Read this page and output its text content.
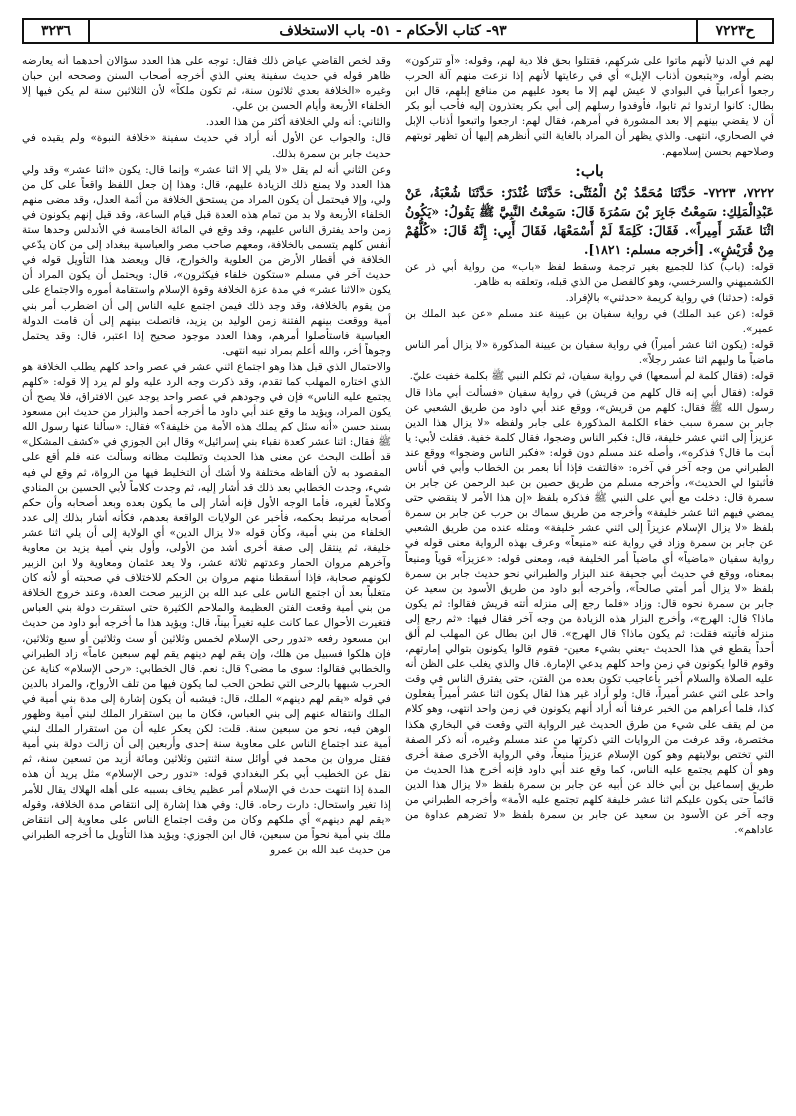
٣٢٣٦	٩٣- كتاب الأحكام - ٥١- باب الاستخلاف	ح٧٢٢٣

لهم في الدنيا لأنهم ماتوا على شركهم، فقتلوا بحق فلا دية لهم، وقوله: «أو تتركون» بضم أوله، و«يتبعون أذناب الإبل» أي في رعايتها لأنهم إذا نزعت منهم آلة الحرب رجعوا أعرابياً في البوادي لا عيش لهم إلا ما يعود عليهم من منافع إبلهم، قال ابن بطال: كانوا ارتدوا ثم تابوا، فأوفدوا رسلهم إلى أبي بكر يعتذرون إليه فأحب أبو بكر أن لا يقضي بينهم إلا بعد المشورة في أمرهم، فقال لهم: ارجعوا واتبعوا أذناب الإبل في الصحاري، انتهى. والذي يظهر أن المراد بالغاية التي أنظرهم إليها أن تظهر توبتهم وصلاحهم بحسن إسلامهم.

باب:

٧٢٢٢، ٧٢٢٣- حَدَّثَنَا مُحَمَّدُ بْنُ الْمُثَنَّى: حَدَّثَنَا غُنْدَرٌ: حَدَّثَنَا شُعْبَةُ، عَنْ عَبْدِالْمَلِكِ: سَمِعْتُ جَابِرَ بْنَ سَمُرَةَ قَالَ: سَمِعْتُ النَّبِيَّ ﷺ يَقُولُ: «يَكُونُ اثْنَا عَشَرَ أَمِيراً». فَقَالَ: كَلِمَةً لَمْ أَسْمَعْهَا، فَقَالَ أَبِي: إِنَّهُ قَالَ: «كُلُّهُمْ مِنْ قُرَيْشٍ». [أخرجه مسلم: ١٨٢١].

قوله: (باب) كذا للجميع بغير ترجمة وسقط لفظ «باب» من رواية أبي ذر عن الكشميهني والسرخسي، وهو كالفصل من الذي قبله، وتعلقه به ظاهر.

قوله: (حدثنا) في رواية كريمة «حدثني» بالإفراد.

قوله: (عن عبد الملك) في رواية سفيان بن عيينة عند مسلم «عن عبد الملك بن عمير».

قوله: (يكون اثنا عشر أميراً) في رواية سفيان بن عيينة المذكورة «لا يزال أمر الناس ماضياً ما وليهم اثنا عشر رجلاً».

قوله: (فقال كلمة لم أسمعها) في رواية سفيان، ثم تكلم النبي ﷺ بكلمة خفيت عليّ.

قوله: (فقال أبي إنه قال كلهم من قريش) في رواية سفيان «فسألت أبي ماذا قال رسول الله ﷺ فقال: كلهم من قريش»، ووقع عند أبي داود من طريق الشعبي عن جابر بن سمرة سبب خفاء الكلمة المذكورة على جابر ولفظه «لا يزال هذا الدين عزيزاً إلى اثني عشر خليفة، قال: فكبر الناس وضجوا، فقال كلمة خفية. فقلت لأبي: يا أبت ما قال؟ فذكره»، وأصله عند مسلم دون قوله: «فكبر الناس وضجوا» ووقع عند الطبراني من وجه آخر في آخره: «فالتفت فإذا أنا بعمر بن الخطاب وأبي في أناس فأثبتوا لي الحديث»، وأخرجه مسلم من طريق حصين بن عبد الرحمن عن جابر بن سمرة قال: دخلت مع أبي على النبي ﷺ فذكره بلفظ «إن هذا الأمر لا ينقضي حتى يمضي فيهم اثنا عشر خليفة» وأخرجه من طريق سماك بن حرب عن جابر بن سمرة بلفظ «لا يزال الإسلام عزيزاً إلى اثني عشر خليفة» ومثله عنده من طريق الشعبي عن جابر بن سمرة وزاد في رواية عنه «منيعاً» وعرف بهذه الرواية معنى قوله في رواية سفيان «ماضياً» أي ماضياً أمر الخليفة فيه، ومعنى قوله: «عزيزاً» قوياً ومنيعاً بمعناه، ووقع في حديث أبي جحيفة عند البزار والطبراني نحو حديث جابر بن سمرة بلفظ «لا يزال أمر أمتي صالحاً»، وأخرجه أبو داود من طريق الأسود بن سعيد عن جابر بن سمرة نحوه قال: وزاد «فلما رجع إلى منزله أتته قريش فقالوا: ثم يكون ماذا؟ قال: الهرج»، وأخرج البزار هذه الزيادة من وجه آخر فقال فيها: «ثم رجع إلى منزله فأتيته فقلت: ثم يكون ماذا؟ قال الهرج». قال ابن بطال عن المهلب لم ألق أحداً يقطع في هذا الحديث -يعني بشيء معين- فقوم قالوا يكونون بتوالي إمارتهم، وقوم قالوا يكونون في زمن واحد كلهم يدعي الإمارة. قال والذي يغلب على الظن أنه عليه الصلاة والسلام أخبر بأعاجيب تكون بعده من الفتن، حتى يفترق الناس في وقت واحد على اثني عشر أميراً، قال: ولو أراد غير هذا لقال يكون اثنا عشر أميراً يفعلون كذا، فلما أعراهم من الخبر عرفنا أنه أراد أنهم يكونون في زمن واحد انتهى، وهو كلام من لم يقف على شيء من طرق الحديث غير الرواية التي وقعت في البخاري هكذا مختصرة، وقد عرفت من الروايات التي ذكرتها من عند مسلم وغيره، أنه ذكر الصفة التي تختص بولايتهم وهو كون الإسلام عزيزاً منيعاً، وفي الرواية الأخرى صفة أخرى وهو أن كلهم يجتمع عليه الناس، كما وقع عند أبي داود فإنه أخرج هذا الحديث من طريق إسماعيل بن أبي خالد عن أبيه عن جابر بن سمرة بلفظ «لا يزال هذا الدين قائماً حتى يكون عليكم اثنا عشر خليفة كلهم تجتمع عليه الأمة» وأخرجه الطبراني من وجه آخر عن الأسود بن سعيد عن جابر بن سمرة بلفظ «لا تضرهم عداوة من عاداهم».

وقد لخص القاضي عياض ذلك فقال: توجه على هذا العدد سؤالان أحدهما أنه يعارضه ظاهر قوله في حديث سفينة يعني الذي أخرجه أصحاب السنن وصححه ابن حبان وغيره «الخلافة بعدي ثلاثون سنة، ثم تكون ملكاً» لأن الثلاثين سنة لم يكن فيها إلا الخلفاء الأربعة وأيام الحسن بن علي.

والثاني: أنه ولي الخلافة أكثر من هذا العدد.

قال: والجواب عن الأول أنه أراد في حديث سفينة «خلافة النبوة» ولم يقيده في حديث جابر بن سمرة بذلك.

وعن الثاني أنه لم يقل «لا يلي إلا اثنا عشر» وإنما قال: يكون «اثنا عشر» وقد ولي هذا العدد ولا يمنع ذلك الزيادة عليهم، قال: وهذا إن جعل اللفظ واقعاً على كل من ولي، وإلا فيحتمل أن يكون المراد من يستحق الخلافة من أئمة العدل، وقد مضى منهم الخلفاء الأربعة ولا بد من تمام هذه العدة قبل قيام الساعة، وقد قيل إنهم يكونون في زمن واحد يفترق الناس عليهم، وقد وقع في المائة الخامسة في الأندلس وحدها ستة أنفس كلهم يتسمى بالخلافة، ومعهم صاحب مصر والعباسية ببغداد إلى من كان يدّعي الخلافة في أقطار الأرض من العلوية والخوارج، قال ويعضد هذا التأويل قوله في حديث آخر في مسلم «ستكون خلفاء فيكثرون»، قال: ويحتمل أن يكون المراد أن يكون «الاثنا عشر» في مدة عزة الخلافة وقوة الإسلام واستقامة أموره والاجتماع على من يقوم بالخلافة، وقد وجد ذلك فيمن اجتمع عليه الناس إلى أن اضطرب أمر بني أمية ووقعت بينهم الفتنة زمن الوليد بن يزيد، فاتصلت بينهم إلى أن قامت الدولة العباسية فاستأصلوا أمرهم، وهذا العدد موجود صحيح إذا اعتبر، قال: وقد يحتمل وجوهاً أخر، والله أعلم بمراد نبيه انتهى.

والاحتمال الذي قبل هذا وهو اجتماع اثني عشر في عصر واحد كلهم يطلب الخلافة هو الذي اختاره المهلب كما تقدم، وقد ذكرت وجه الرد عليه ولو لم يرد إلا قوله: «كلهم يجتمع عليه الناس» فإن في وجودهم في عصر واحد يوجد عين الافتراق، فلا يصح أن يكون المراد، ويؤيد ما وقع عند أبي داود ما أخرجه أحمد والبزار من حديث ابن مسعود بسند حسن «أنه سئل كم يملك هذه الأمة من خليفة؟» فقال: «سألنا عنها رسول الله ﷺ فقال: اثنا عشر كعدة نقباء بني إسرائيل» وقال ابن الجوزي في «كشف المشكل» قد أطلت البحث عن معنى هذا الحديث وتطلبت مظانه وسألت عنه فلم أقع على المقصود به لأن ألفاظه مختلفة ولا أشك أن التخليط فيها من الرواة، ثم وقع لي فيه شيء، وجدت الخطابي بعد ذلك قد أشار إليه، ثم وجدت كلاماً لأبي الحسين بن المنادي وكلاماً لغيره، فأما الوجه الأول فإنه أشار إلى ما يكون بعده وبعد أصحابه وأن حكم أصحابه مرتبط بحكمه، فأخبر عن الولايات الواقعة بعدهم، فكأنه أشار بذلك إلى عدد الخلفاء من بني أمية، وكأن قوله «لا يزال الدين» أي الولاية إلى أن يلي اثنا عشر خليفة، ثم ينتقل إلى صفة أخرى أشد من الأولى، وأول بني أمية يزيد بن معاوية وآخرهم مروان الحمار وعدتهم ثلاثة عشر، ولا يعد عثمان ومعاوية ولا ابن الزبير لكونهم صحابة، فإذا أسقطنا منهم مروان بن الحكم للاختلاف في صحبته أو لأنه كان متغلباً بعد أن اجتمع الناس على عبد الله بن الزبير صحت العدة، وعند خروج الخلافة من بني أمية وقعت الفتن العظيمة والملاحم الكثيرة حتى استقرت دولة بني العباس فتغيرت الأحوال عما كانت عليه تغيراً بيناً، قال: ويؤيد هذا ما أخرجه أبو داود من حديث ابن مسعود رفعه «تدور رحى الإسلام لخمس وثلاثين أو ست وثلاثين أو سبع وثلاثين، فإن هلكوا فسبيل من هلك، وإن يقم لهم دينهم يقم لهم سبعين عاماً» زاد الطبراني والخطابي فقالوا: سوى ما مضى؟ قال: نعم. قال الخطابي: «رحى الإسلام» كناية عن الحرب شبهها بالرحى التي تطحن الحب لما يكون فيها من تلف الأرواح، والمراد بالدين في قوله «يقم لهم دينهم» الملك، قال: فيشبه أن يكون إشارة إلى مدة بني أمية في الملك وانتقاله عنهم إلى بني العباس، فكان ما بين استقرار الملك لبني أمية وظهور الوهن فيه، نحو من سبعين سنة. قلت: لكن يعكر عليه أن من استقرار الملك لبني أمية عند اجتماع الناس على معاوية سنة إحدى وأربعين إلى أن زالت دولة بني أمية فقتل مروان بن محمد في أوائل سنة اثنتين وثلاثين ومائة أزيد من تسعين سنة، ثم نقل عن الخطيب أبي بكر البغدادي قوله: «تدور رحى الإسلام» مثل يريد أن هذه المدة إذا انتهت حدث في الإسلام أمر عظيم يخاف بسببه على أهله الهلاك يقال للأمر إذا تغير واستحال: دارت رحاه. قال: وفي هذا إشارة إلى انتقاص مدة الخلافة، وقوله «يقم لهم دينهم» أي ملكهم وكان من وقت اجتماع الناس على معاوية إلى انتقاض ملك بني أمية نحواً من سبعين، قال ابن الجوزي: ويؤيد هذا التأويل ما أخرجه الطبراني من حديث عبد الله بن عمرو
